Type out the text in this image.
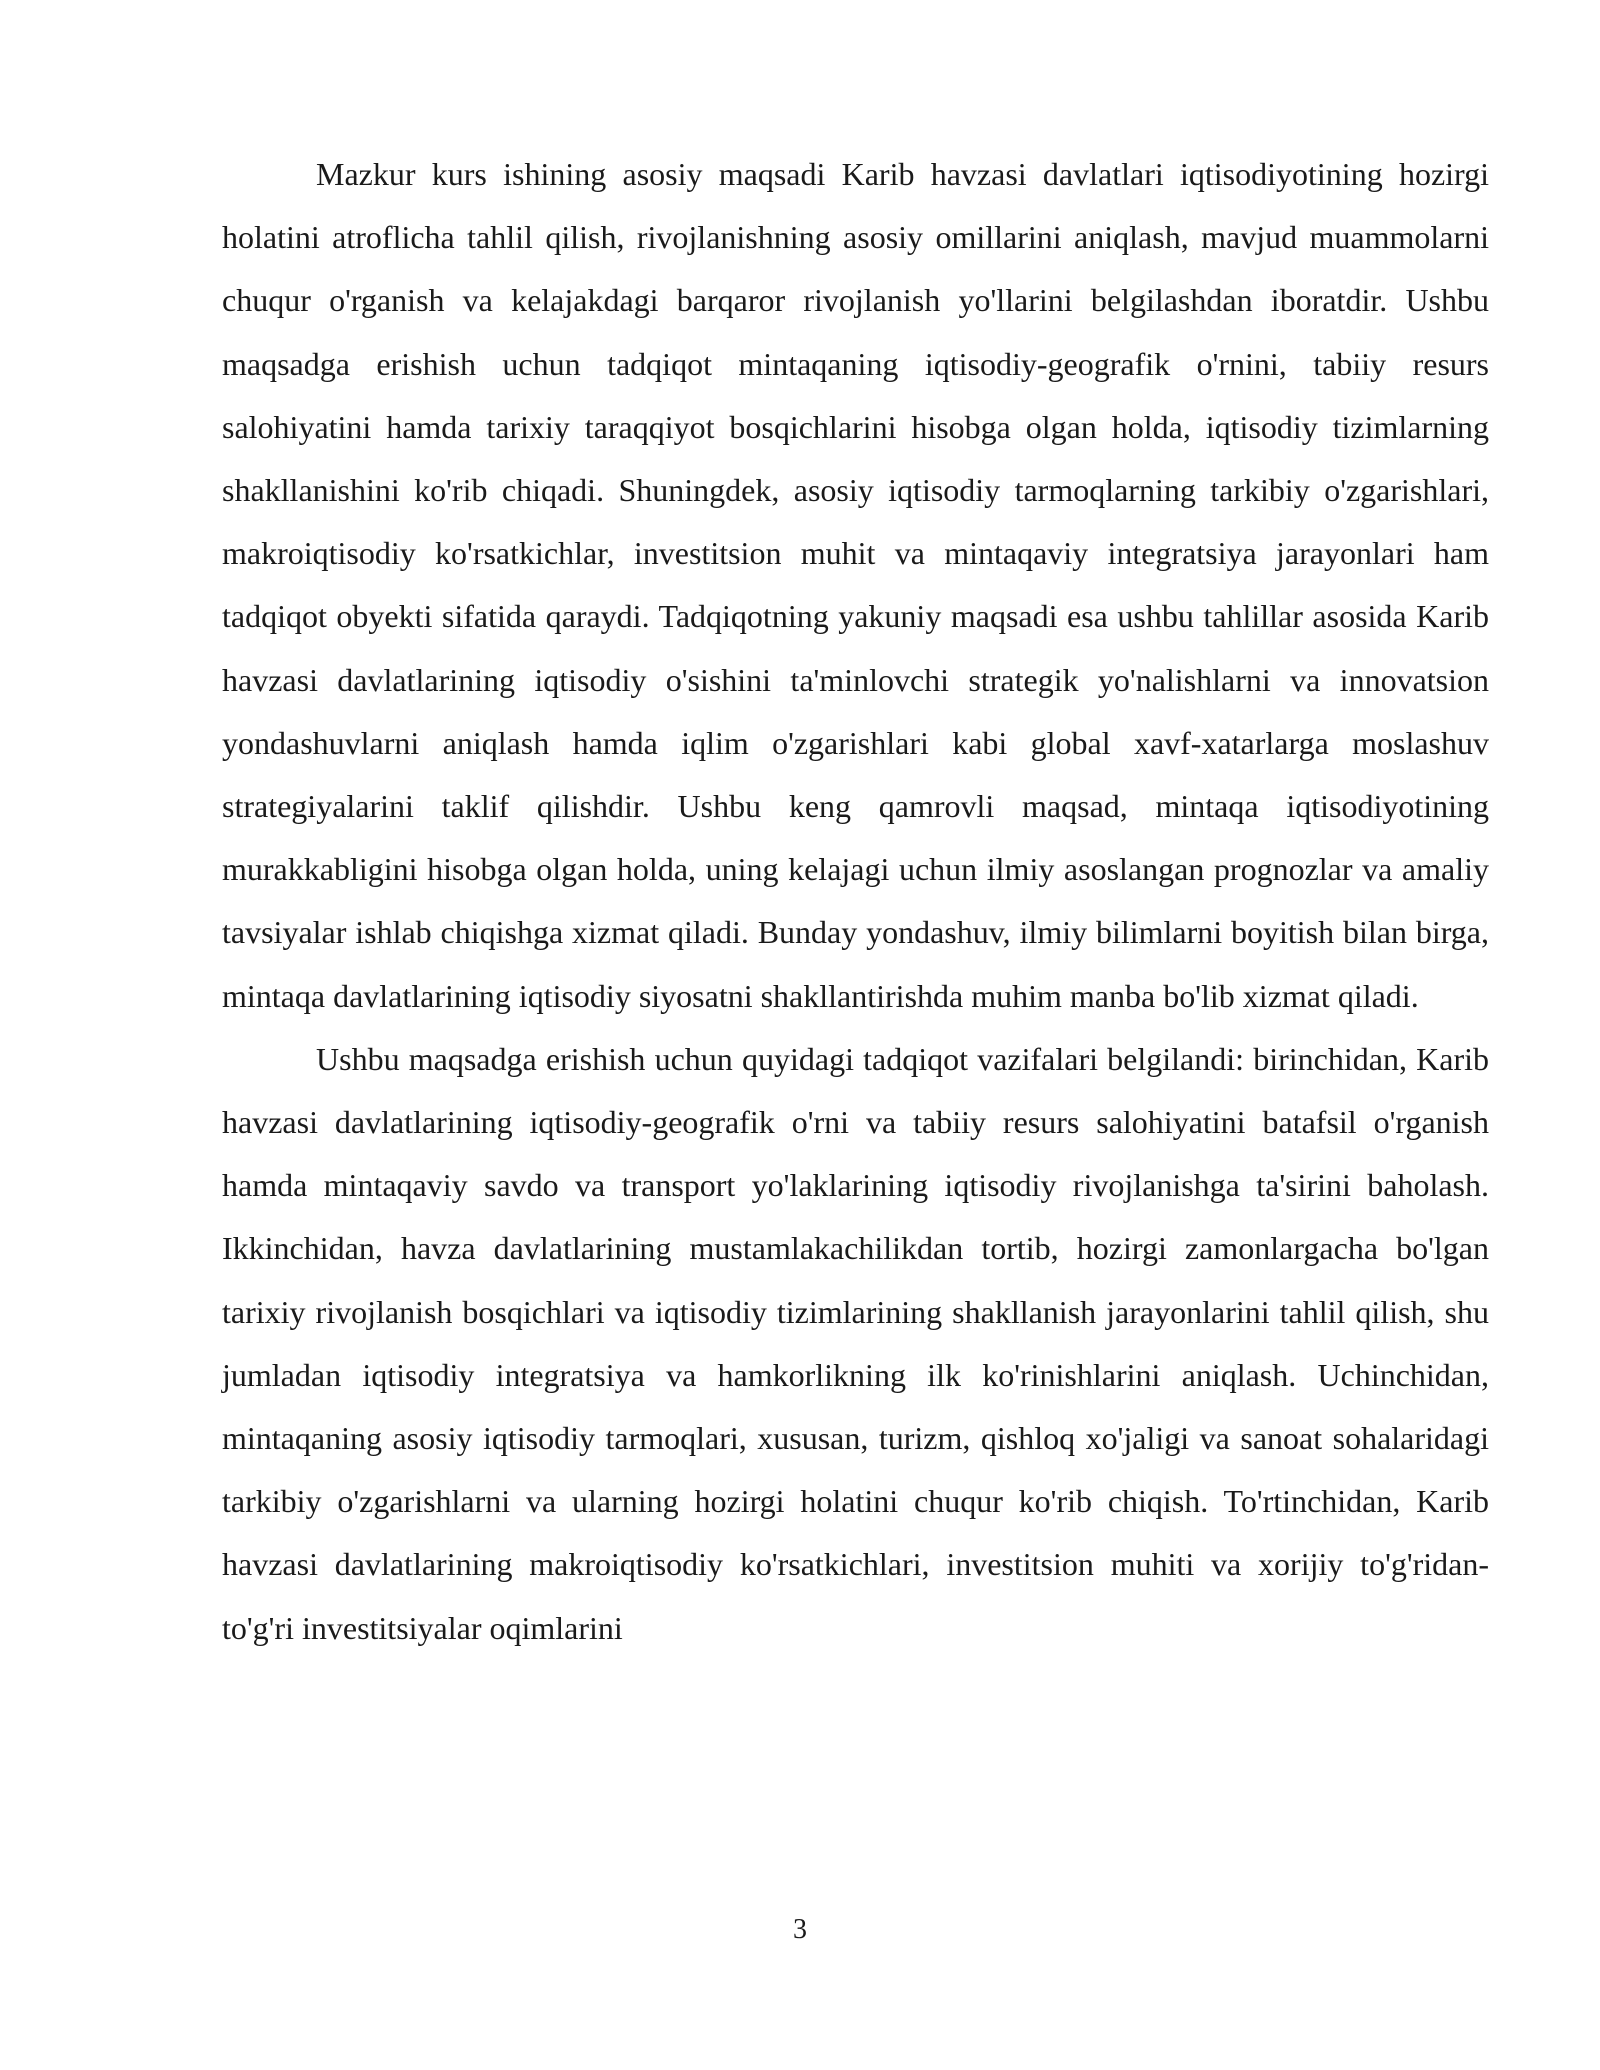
Mazkur kurs ishining asosiy maqsadi Karib havzasi davlatlari iqtisodiyotining hozirgi holatini atroflicha tahlil qilish, rivojlanishning asosiy omillarini aniqlash, mavjud muammolarni chuqur o'rganish va kelajakdagi barqaror rivojlanish yo'llarini belgilashdan iboratdir. Ushbu maqsadga erishish uchun tadqiqot mintaqaning iqtisodiy-geografik o'rnini, tabiiy resurs salohiyatini hamda tarixiy taraqqiyot bosqichlarini hisobga olgan holda, iqtisodiy tizimlarning shakllanishini ko'rib chiqadi. Shuningdek, asosiy iqtisodiy tarmoqlarning tarkibiy o'zgarishlari, makroiqtisodiy ko'rsatkichlar, investitsion muhit va mintaqaviy integratsiya jarayonlari ham tadqiqot obyekti sifatida qaraydi. Tadqiqotning yakuniy maqsadi esa ushbu tahlillar asosida Karib havzasi davlatlarining iqtisodiy o'sishini ta'minlovchi strategik yo'nalishlarni va innovatsion yondashuvlarni aniqlash hamda iqlim o'zgarishlari kabi global xavf-xatarlarga moslashuv strategiyalarini taklif qilishdir. Ushbu keng qamrovli maqsad, mintaqa iqtisodiyotining murakkabligini hisobga olgan holda, uning kelajagi uchun ilmiy asoslangan prognozlar va amaliy tavsiyalar ishlab chiqishga xizmat qiladi. Bunday yondashuv, ilmiy bilimlarni boyitish bilan birga, mintaqa davlatlarining iqtisodiy siyosatni shakllantirishda muhim manba bo'lib xizmat qiladi.

Ushbu maqsadga erishish uchun quyidagi tadqiqot vazifalari belgilandi: birinchidan, Karib havzasi davlatlarining iqtisodiy-geografik o'rni va tabiiy resurs salohiyatini batafsil o'rganish hamda mintaqaviy savdo va transport yo'laklarining iqtisodiy rivojlanishga ta'sirini baholash. Ikkinchidan, havza davlatlarining mustamlakachilikdan tortib, hozirgi zamonlargacha bo'lgan tarixiy rivojlanish bosqichlari va iqtisodiy tizimlarining shakllanish jarayonlarini tahlil qilish, shu jumladan iqtisodiy integratsiya va hamkorlikning ilk ko'rinishlarini aniqlash. Uchinchidan, mintaqaning asosiy iqtisodiy tarmoqlari, xususan, turizm, qishloq xo'jaligi va sanoat sohalaridagi tarkibiy o'zgarishlarni va ularning hozirgi holatini chuqur ko'rib chiqish. To'rtinchidan, Karib havzasi davlatlarining makroiqtisodiy ko'rsatkichlari, investitsion muhiti va xorijiy to'g'ridan-to'g'ri investitsiyalar oqimlarini

3
